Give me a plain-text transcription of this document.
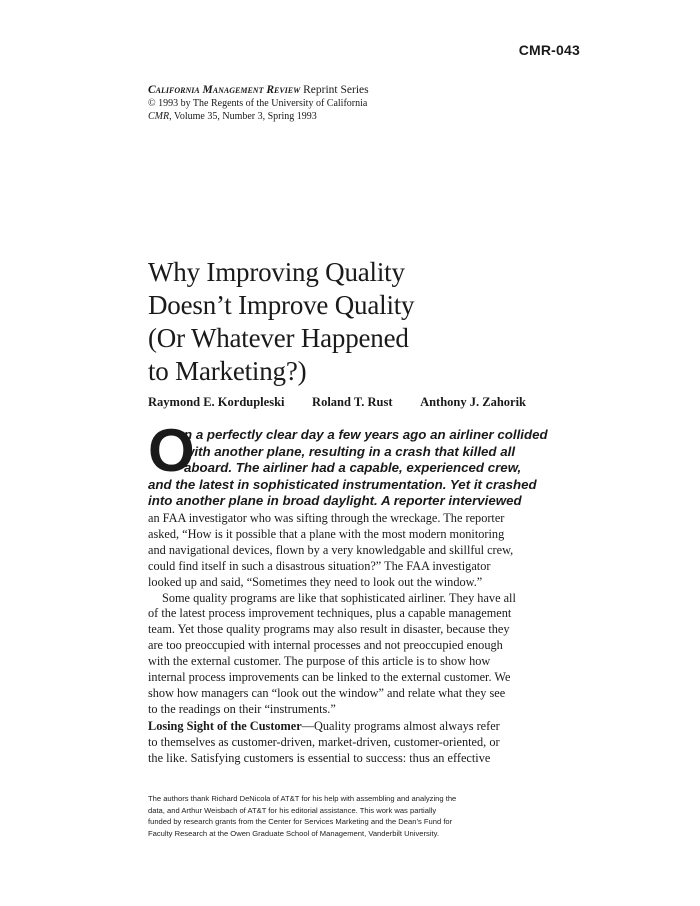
CMR-043
California Management Review Reprint Series
© 1993 by The Regents of the University of California
CMR, Volume 35, Number 3, Spring 1993
Why Improving Quality
Doesn’t Improve Quality
(Or Whatever Happened
to Marketing?)
Raymond E. Kordupleski Roland T. Rust Anthony J. Zahorik
O
n a perfectly clear day a few years ago an airliner collided
with another plane, resulting in a crash that killed all
aboard. The airliner had a capable, experienced crew,
and the latest in sophisticated instrumentation. Yet it crashed
into another plane in broad daylight. A reporter interviewed
an FAA investigator who was sifting through the wreckage. The reporter
asked, “How is it possible that a plane with the most modern monitoring
and navigational devices, flown by a very knowledgable and skillful crew,
could find itself in such a disastrous situation?” The FAA investigator
looked up and said, “Sometimes they need to look out the window.”
Some quality programs are like that sophisticated airliner. They have all
of the latest process improvement techniques, plus a capable management
team. Yet those quality programs may also result in disaster, because they
are too preoccupied with internal processes and not preoccupied enough
with the external customer. The purpose of this article is to show how
internal process improvements can be linked to the external customer. We
show how managers can “look out the window” and relate what they see
to the readings on their “instruments.”
Losing Sight of the Customer—Quality programs almost always refer
to themselves as customer-driven, market-driven, customer-oriented, or
the like. Satisfying customers is essential to success: thus an effective
The authors thank Richard DeNicola of AT&T for his help with assembling and analyzing the
data, and Arthur Weisbach of AT&T for his editorial assistance. This work was partially
funded by research grants from the Center for Services Marketing and the Dean’s Fund for
Faculty Research at the Owen Graduate School of Management, Vanderbilt University.
